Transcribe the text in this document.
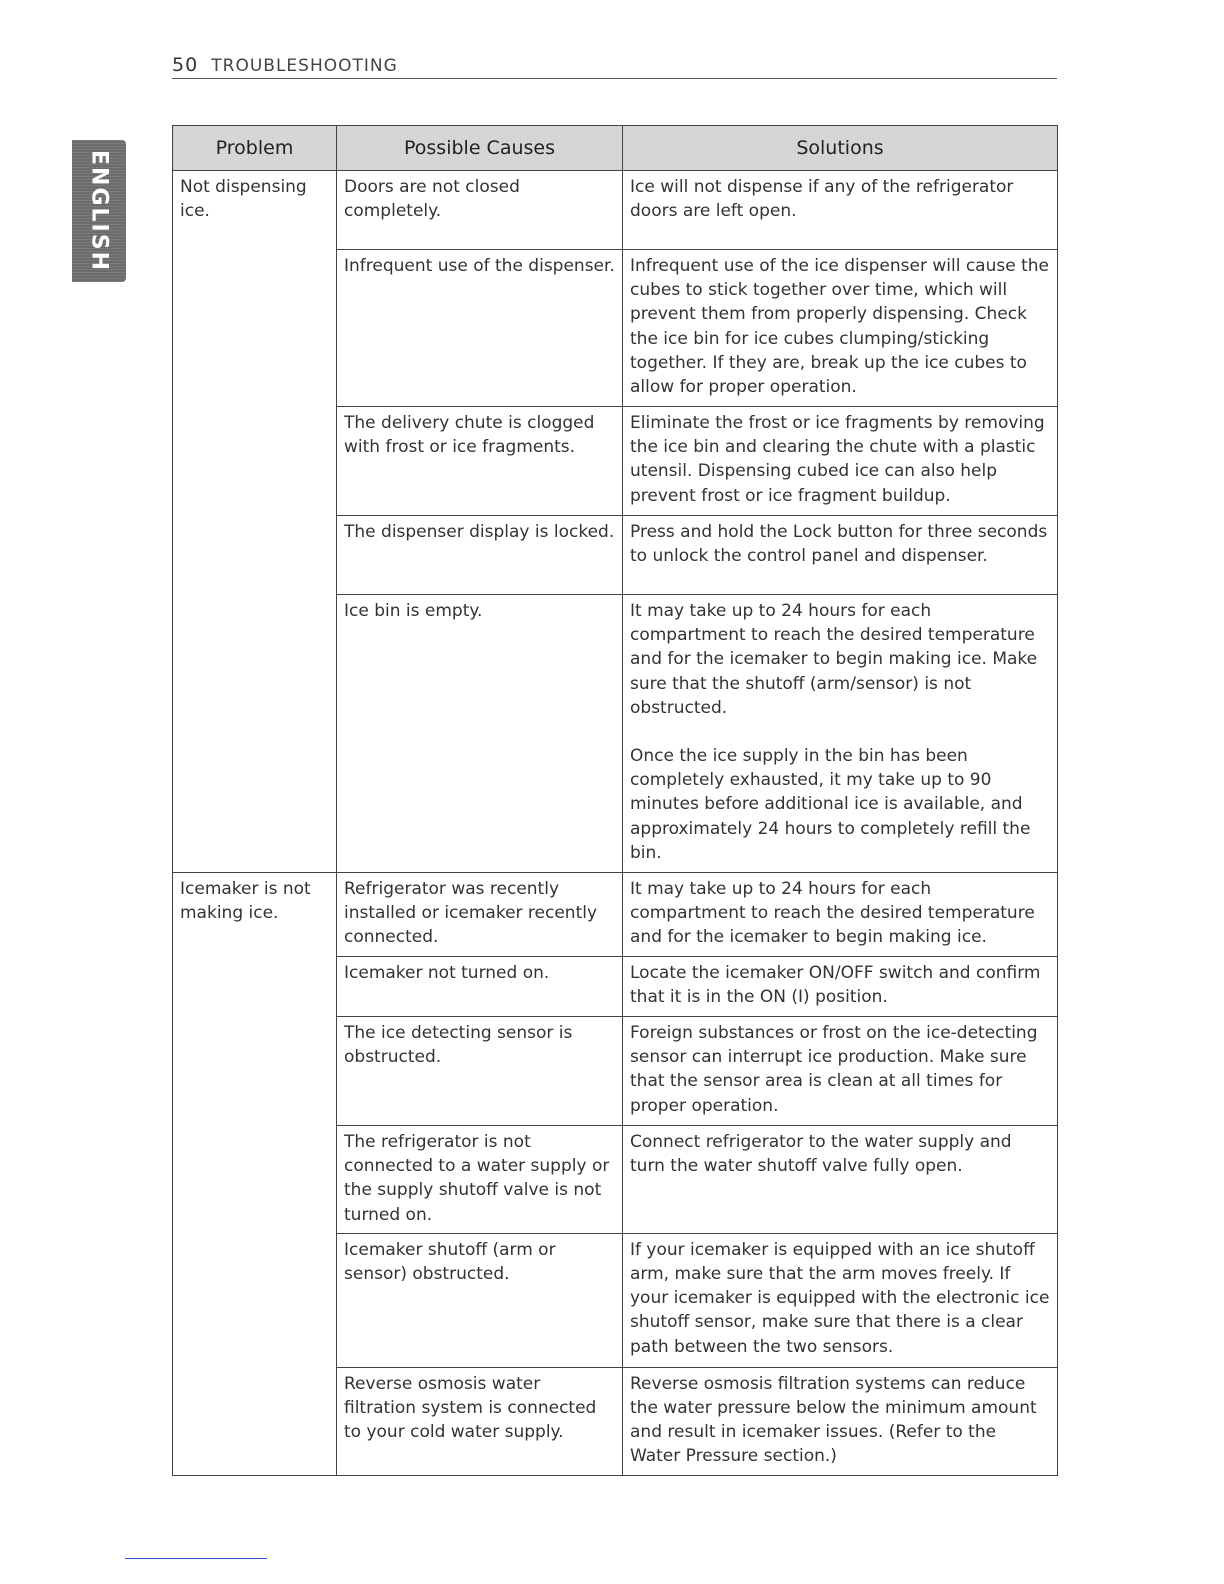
50 TROUBLESHOOTING
ENGLISH
Problem	Possible Causes	Solutions
Not dispensing ice.	Doors are not closed completely.	Ice will not dispense if any of the refrigerator doors are left open.

	Infrequent use of the dispenser.	Infrequent use of the ice dispenser will cause the cubes to stick together over time, which will prevent them from properly dispensing. Check the ice bin for ice cubes clumping/sticking together. If they are, break up the ice cubes to allow for proper operation.

	The delivery chute is clogged with frost or ice fragments.	Eliminate the frost or ice fragments by removing the ice bin and clearing the chute with a plastic utensil. Dispensing cubed ice can also help prevent frost or ice fragment buildup.

	The dispenser display is locked.	Press and hold the Lock button for three seconds to unlock the control panel and dispenser.

	Ice bin is empty.	It may take up to 24 hours for each compartment to reach the desired temperature and for the icemaker to begin making ice. Make sure that the shutoff (arm/sensor) is not obstructed.

Once the ice supply in the bin has been completely exhausted, it my take up to 90 minutes before additional ice is available, and approximately 24 hours to completely refill the bin.

Icemaker is not making ice.	Refrigerator was recently installed or icemaker recently connected.	It may take up to 24 hours for each compartment to reach the desired temperature and for the icemaker to begin making ice.

	Icemaker not turned on.	Locate the icemaker ON/OFF switch and confirm that it is in the ON (I) position.

	The ice detecting sensor is obstructed.	Foreign substances or frost on the ice-detecting sensor can interrupt ice production. Make sure that the sensor area is clean at all times for proper operation.

	The refrigerator is not connected to a water supply or the supply shutoff valve is not turned on.	Connect refrigerator to the water supply and turn the water shutoff valve fully open.

	Icemaker shutoff (arm or sensor) obstructed.	If your icemaker is equipped with an ice shutoff arm, make sure that the arm moves freely. If your icemaker is equipped with the electronic ice shutoff sensor, make sure that there is a clear path between the two sensors.

	Reverse osmosis water filtration system is connected to your cold water supply.	Reverse osmosis filtration systems can reduce the water pressure below the minimum amount and result in icemaker issues. (Refer to the Water Pressure section.)
